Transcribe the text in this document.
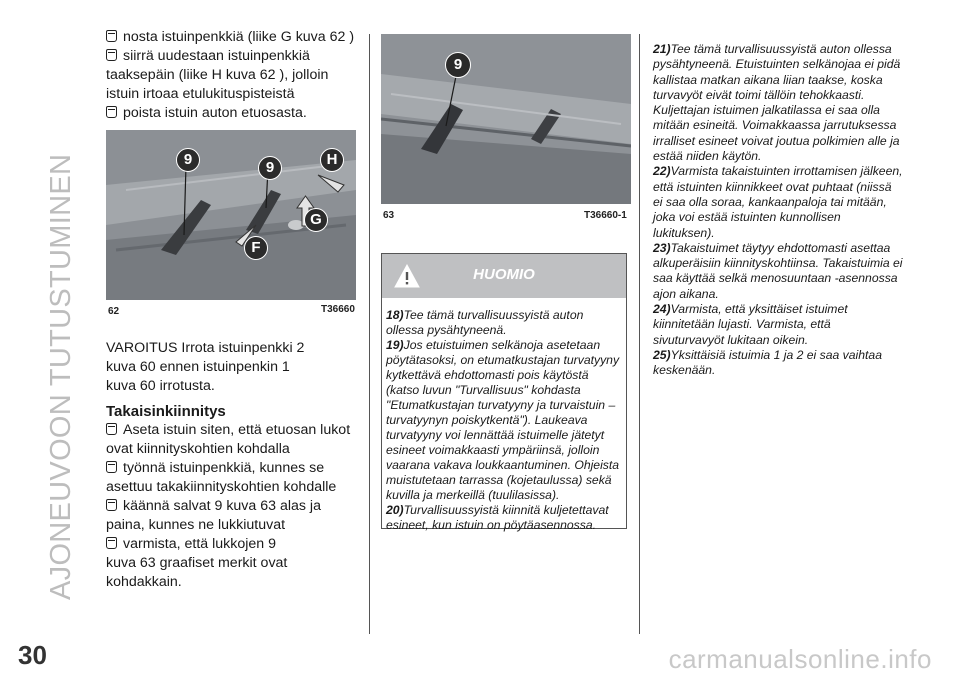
AJONEUVOON TUTUSTUMINEN
nosta istuinpenkkiä (liike G kuva 62 )
siirrä uudestaan istuinpenkkiä
taaksepäin (liike H kuva 62 ), jolloin
istuin irtoaa etulukituspisteistä
poista istuin auton etuosasta.
9	9	H
G
F
62	T36660
VAROITUS Irrota istuinpenkki 2
kuva 60 ennen istuinpenkin 1
kuva 60 irrotusta.
Takaisinkiinnitys
Aseta istuin siten, että etuosan lukot
ovat kiinnityskohtien kohdalla
työnnä istuinpenkkiä, kunnes se
asettuu takakiinnityskohtien kohdalle
käännä salvat 9 kuva 63 alas ja
paina, kunnes ne lukkiutuvat
varmista, että lukkojen 9
kuva 63 graafiset merkit ovat
kohdakkain.
9
63	T36660-1
HUOMIO
18)Tee tämä turvallisuussyistä auton ollessa pysähtyneenä.
19)Jos etuistuimen selkänoja asetetaan pöytätasoksi, on etumatkustajan turvatyyny kytkettävä ehdottomasti pois käytöstä (katso luvun "Turvallisuus" kohdasta "Etumatkustajan turvatyyny ja turvaistuin – turvatyynyn poiskytkentä"). Laukeava turvatyyny voi lennättää istuimelle jätetyt esineet voimakkaasti ympäriinsä, jolloin vaarana vakava loukkaantuminen. Ohjeista muistutetaan tarrassa (kojetaulussa) sekä kuvilla ja merkeillä (tuulilasissa).
20)Turvallisuussyistä kiinnitä kuljetettavat esineet, kun istuin on pöytäasennossa.
21)Tee tämä turvallisuussyistä auton ollessa pysähtyneenä. Etuistuinten selkänojaa ei pidä kallistaa matkan aikana liian taakse, koska turvavyöt eivät toimi tällöin tehokkaasti. Kuljettajan istuimen jalkatilassa ei saa olla mitään esineitä. Voimakkaassa jarrutuksessa irralliset esineet voivat joutua polkimien alle ja estää niiden käytön.
22)Varmista takaistuinten irrottamisen jälkeen, että istuinten kiinnikkeet ovat puhtaat (niissä ei saa olla soraa, kankaanpaloja tai mitään, joka voi estää istuinten kunnollisen lukituksen).
23)Takaistuimet täytyy ehdottomasti asettaa alkuperäisiin kiinnityskohtiinsa. Takaistuimia ei saa käyttää selkä menosuuntaan -asennossa ajon aikana.
24)Varmista, että yksittäiset istuimet kiinnitetään lujasti. Varmista, että sivuturvavyöt lukitaan oikein.
25)Yksittäisiä istuimia 1 ja 2 ei saa vaihtaa keskenään.
30	carmanualsonline.info
